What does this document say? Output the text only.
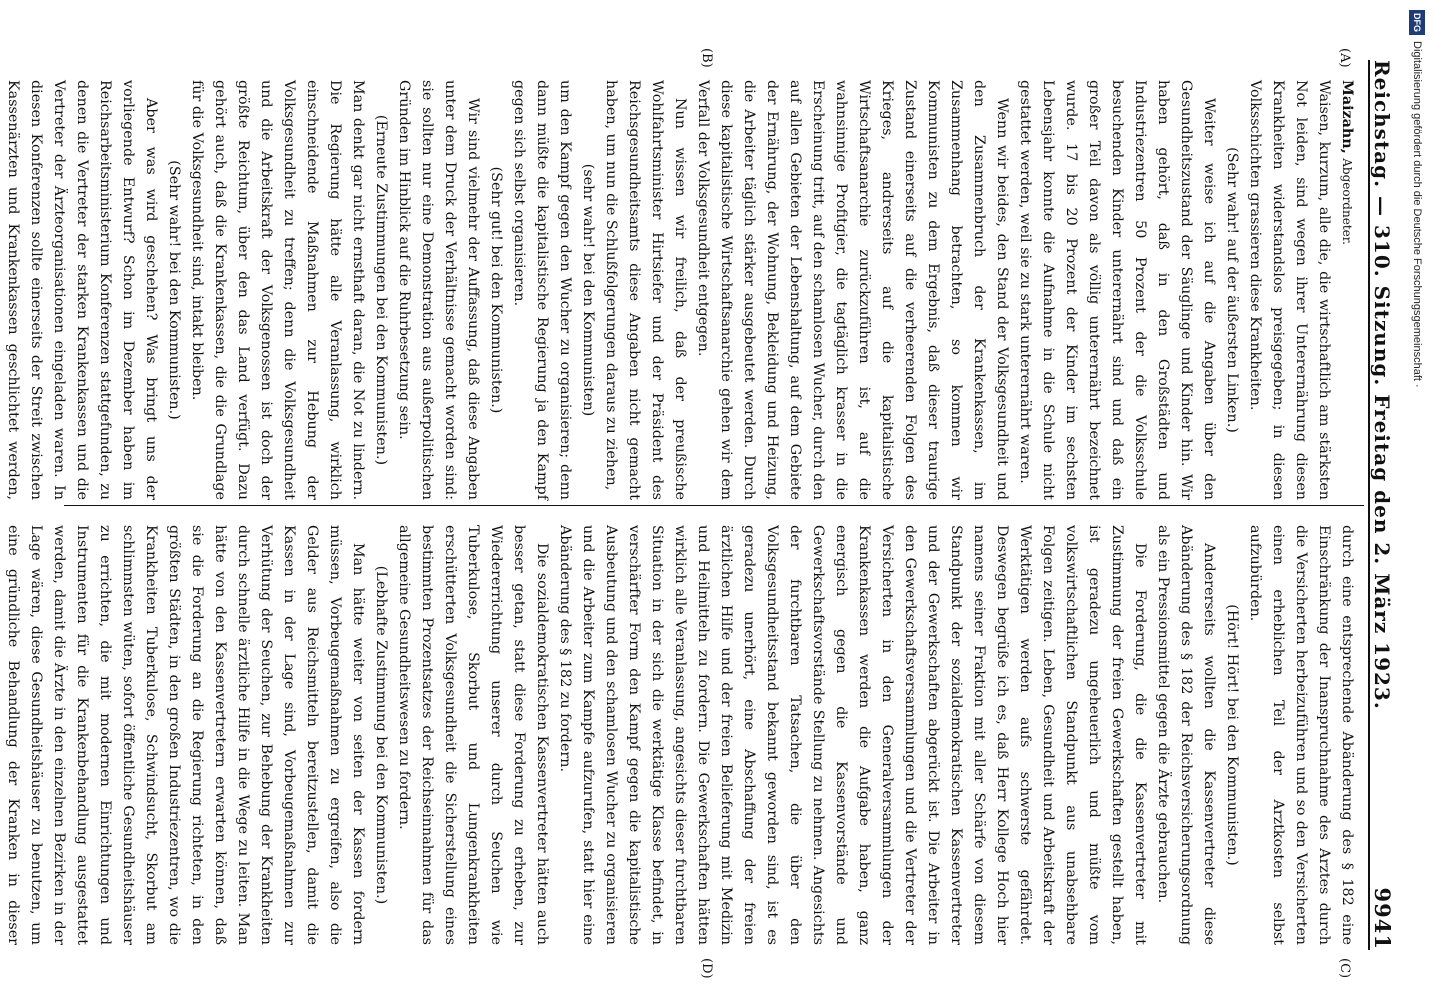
Reichstag. — 310. Sitzung. Freitag den 2. März 1923.
9941
(A)
(B)
(C)
(D)

Maizahn, Abgeordneter.

Waisen, kurzum, alle die, die wirtschaftlich am stärksten Not leiden, sind wegen ihrer Unterernährung diesen Krankheiten widerstandslos preisgegeben; in diesen Volksschichten grassieren diese Krankheiten.

(Sehr wahr! auf der äußersten Linken.)

Weiter weise ich auf die Angaben über den Gesundheitszustand der Säuglinge und Kinder hin. Wir haben gehört, daß in den Großstädten und Industriezentren 50 Prozent der die Volksschule besuchenden Kinder unterernährt sind und daß ein großer Teil davon als völlig unterernährt bezeichnet wurde. 17 bis 20 Prozent der Kinder im sechsten Lebensjahr konnte die Aufnahme in die Schule nicht gestattet werden, weil sie zu stark unterernährt waren.

Wenn wir beides, den Stand der Volksgesundheit und den Zusammenbruch der Krankenkassen, im Zusammenhang betrachten, so kommen wir Kommunisten zu dem Ergebnis, daß dieser traurige Zustand einerseits auf die verheerenden Folgen des Krieges, andrerseits auf die kapitalistische Wirtschaftsanarchie zurückzuführen ist, auf die wahnsinnige Profitgier, die tagtäglich krasser in die Erscheinung tritt, auf den schamlosen Wucher, durch den auf allen Gebieten der Lebenshaltung, auf dem Gebiete der Ernährung, der Wohnung, Bekleidung und Heizung, die Arbeiter täglich stärker ausgebeutet werden. Durch diese kapitalistische Wirtschaftsanarchie gehen wir dem Verfall der Volksgesundheit entgegen.

Nun wissen wir freilich, daß der preußische Wohlfahrtsminister Hirtsiefer und der Präsident des Reichsgesundheitsamts diese Angaben nicht gemacht haben, um nun die Schlußfolgerungen daraus zu ziehen,

(sehr wahr! bei den Kommunisten)

um den Kampf gegen den Wucher zu organisieren; denn dann müßte die kapitalistische Regierung ja den Kampf gegen sich selbst organisieren.

(Sehr gut! bei den Kommunisten.)

Wir sind vielmehr der Auffassung, daß diese Angaben unter dem Druck der Verhältnisse gemacht worden sind: sie sollten nur eine Demonstration aus außerpolitischen Gründen im Hinblick auf die Ruhrbesetzung sein.

(Erneute Zustimmungen bei den Kommunisten.)

Man denkt gar nicht ernsthaft daran, die Not zu lindern. Die Regierung hätte alle Veranlassung, wirklich einschneidende Maßnahmen zur Hebung der Volksgesundheit zu treffen; denn die Volksgesundheit und die Arbeitskraft der Volksgenossen ist doch der größte Reichtum, über den das Land verfügt. Dazu gehört auch, daß die Krankenkassen, die die Grundlage für die Volksgesundheit sind, intakt bleiben.

(Sehr wahr! bei den Kommunisten.)

Aber was wird geschehen? Was bringt uns der vorliegende Entwurf? Schon im Dezember haben im Reichsarbeitsministerium Konferenzen stattgefunden, zu denen die Vertreter der starken Krankenkassen und die Vertreter der Ärzteorganisationen eingeladen waren. In diesen Konferenzen sollte einerseits der Streit zwischen Kassenärzten und Krankenkassen geschlichtet werden,

durch eine entsprechende Abänderung des § 182 eine Einschränkung der Inanspruchnahme des Arztes durch die Versicherten herbeizuführen und so den Versicherten einen erheblichen Teil der Arztkosten selbst aufzubürden.

(Hört! Hört! bei den Kommunisten.)

Andererseits wollten die Kassenvertreter diese Abänderung des § 182 der Reichsversicherungsordnung als ein Pressionsmittel gegen die Ärzte gebrauchen.

Die Forderung, die die Kassenvertreter mit Zustimmung der freien Gewerkschaften gestellt haben, ist geradezu ungeheuerlich und müßte vom volkswirtschaftlichen Standpunkt aus unabsehbare Folgen zeitigen. Leben, Gesundheit und Arbeitskraft der Werktätigen werden aufs schwerste gefährdet. Deswegen begrüße ich es, daß Herr Kollege Hoch hier namens seiner Fraktion mit aller Schärfe von diesem Standpunkt der sozialdemokratischen Kassenvertreter und der Gewerkschaften abgerückt ist. Die Arbeiter in den Gewerkschaftsversammlungen und die Vertreter der Versicherten in den Generalversammlungen der Krankenkassen werden die Aufgabe haben, ganz energisch gegen die Kassenvorstände und Gewerkschaftsvorstände Stellung zu nehmen. Angesichts der furchtbaren Tatsachen, die über den Volksgesundheitsstand bekannt geworden sind, ist es geradezu unerhört, eine Abschaffung der freien ärztlichen Hilfe und der freien Belieferung mit Medizin und Heilmitteln zu fordern. Die Gewerkschaften hätten wirklich alle Veranlassung, angesichts dieser furchtbaren Situation in der sich die werktätige Klasse befindet, in verschärfter Form den Kampf gegen die kapitalistische Ausbeutung und den schamlosen Wucher zu organisieren und die Arbeiter zum Kampfe aufzurufen, statt hier eine Abänderung des § 182 zu fordern.

Die sozialdemokratischen Kassenvertreter hätten auch besser getan, statt diese Forderung zu erheben, zur Wiedererrichtung unserer durch Seuchen wie Tuberkulose, Skorbut und Lungenkrankheiten erschütterten Volksgesundheit die Sicherstellung eines bestimmten Prozentsatzes der Reichseinnahmen für das allgemeine Gesundheitswesen zu fordern.

(Lebhafte Zustimmung bei den Kommunisten.)

Man hätte weiter von seiten der Kassen fordern müssen, Vorbeugemaßnahmen zu ergreifen, also die Gelder aus Reichsmitteln bereitzustellen, damit die Kassen in der Lage sind, Vorbeugemaßnahmen zur Verhütung der Seuchen, zur Behebung der Krankheiten durch schnelle ärztliche Hilfe in die Wege zu leiten. Man hätte von den Kassenvertretern erwarten können, daß sie die Forderung an die Regierung richteten, in den größten Städten, in den großen Industriezentren, wo die Krankheiten Tuberkulose, Schwindsucht, Skorbut am schlimmsten wüten, sofort öffentliche Gesundheitshäuser zu errichten, die mit modernen Einrichtungen und Instrumenten für die Krankenbehandlung ausgestattet werden, damit die Ärzte in den einzelnen Bezirken in der Lage wären, diese Gesundheitshäuser zu benutzen, um eine gründliche Behandlung der Kranken in dieser

DFGDigitalisierung gefördert durch die Deutsche Forschungsgemeinschaft ·
